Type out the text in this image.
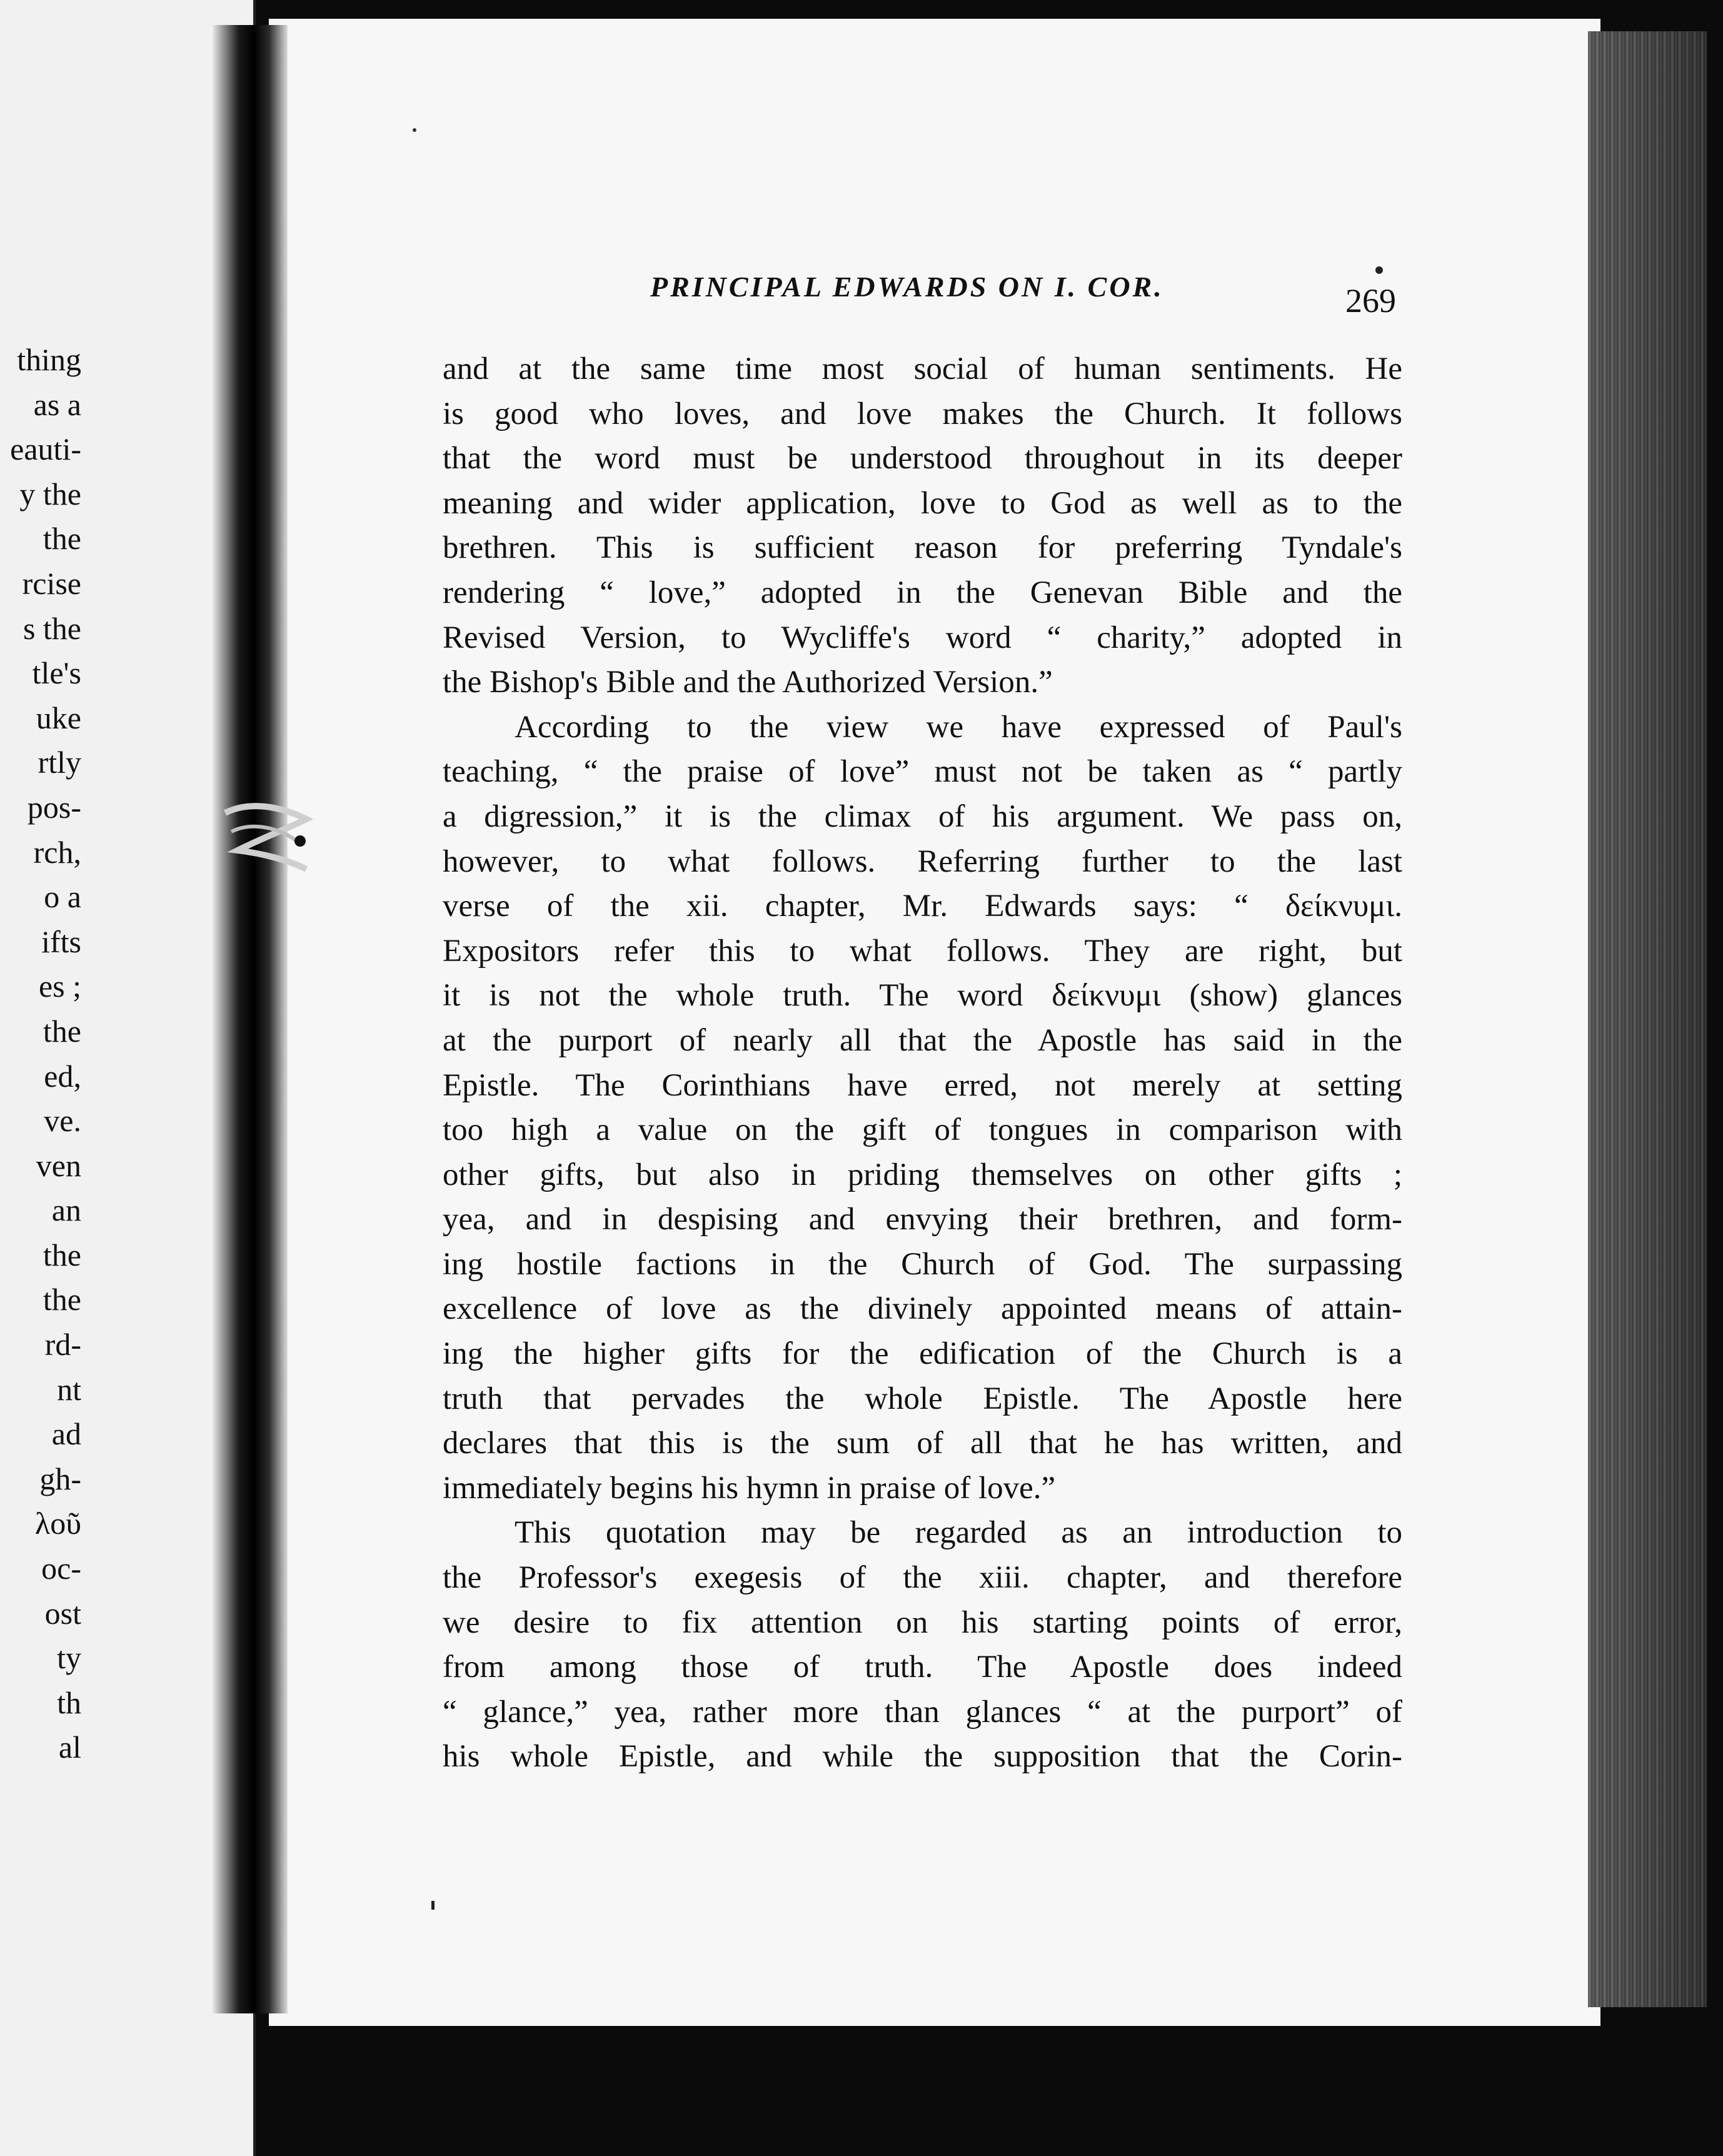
thing
as a
eauti-
y the
the
rcise
s the
tle's
uke
rtly
pos-
rch,
o a
ifts
es ;
the
ed,
ve.
ven
an
the
the
rd-
nt
ad
gh-
λοῦ
oc-
ost
ty
th
al
PRINCIPAL EDWARDS ON I. COR.	269
and at the same time most social of human sentiments. He
is good who loves, and love makes the Church. It follows
that the word must be understood throughout in its deeper
meaning and wider application, love to God as well as to the
brethren. This is sufficient reason for preferring Tyndale's
rendering “ love,” adopted in the Genevan Bible and the
Revised Version, to Wycliffe's word “ charity,” adopted in
the Bishop's Bible and the Authorized Version.”
According to the view we have expressed of Paul's
teaching, “ the praise of love” must not be taken as “ partly
a digression,” it is the climax of his argument. We pass on,
however, to what follows. Referring further to the last
verse of the xii. chapter, Mr. Edwards says: “ δείκνυμι.
Expositors refer this to what follows. They are right, but
it is not the whole truth. The word δείκνυμι (show) glances
at the purport of nearly all that the Apostle has said in the
Epistle. The Corinthians have erred, not merely at setting
too high a value on the gift of tongues in comparison with
other gifts, but also in priding themselves on other gifts ;
yea, and in despising and envying their brethren, and form-
ing hostile factions in the Church of God. The surpassing
excellence of love as the divinely appointed means of attain-
ing the higher gifts for the edification of the Church is a
truth that pervades the whole Epistle. The Apostle here
declares that this is the sum of all that he has written, and
immediately begins his hymn in praise of love.”
This quotation may be regarded as an introduction to
the Professor's exegesis of the xiii. chapter, and therefore
we desire to fix attention on his starting points of error,
from among those of truth. The Apostle does indeed
“ glance,” yea, rather more than glances “ at the purport” of
his whole Epistle, and while the supposition that the Corin-
